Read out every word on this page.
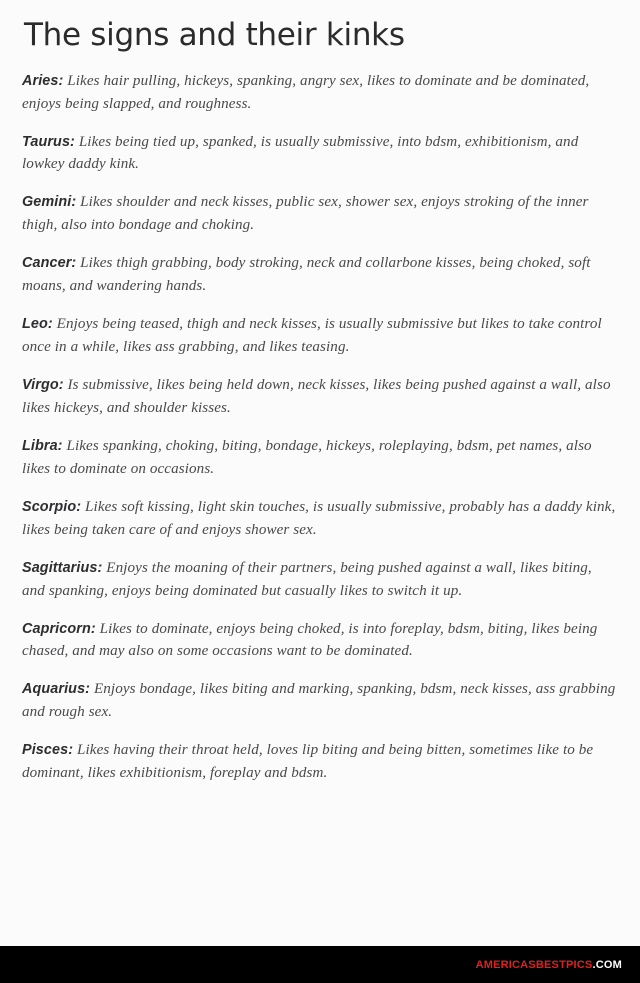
The signs and their kinks
Aries: Likes hair pulling, hickeys, spanking, angry sex, likes to dominate and be dominated, enjoys being slapped, and roughness.
Taurus: Likes being tied up, spanked, is usually submissive, into bdsm, exhibitionism, and lowkey daddy kink.
Gemini: Likes shoulder and neck kisses, public sex, shower sex, enjoys stroking of the inner thigh, also into bondage and choking.
Cancer: Likes thigh grabbing, body stroking, neck and collarbone kisses, being choked, soft moans, and wandering hands.
Leo: Enjoys being teased, thigh and neck kisses, is usually submissive but likes to take control once in a while, likes ass grabbing, and likes teasing.
Virgo: Is submissive, likes being held down, neck kisses, likes being pushed against a wall, also likes hickeys, and shoulder kisses.
Libra: Likes spanking, choking, biting, bondage, hickeys, roleplaying, bdsm, pet names, also likes to dominate on occasions.
Scorpio: Likes soft kissing, light skin touches, is usually submissive, probably has a daddy kink, likes being taken care of and enjoys shower sex.
Sagittarius: Enjoys the moaning of their partners, being pushed against a wall, likes biting, and spanking, enjoys being dominated but casually likes to switch it up.
Capricorn: Likes to dominate, enjoys being choked, is into foreplay, bdsm, biting, likes being chased, and may also on some occasions want to be dominated.
Aquarius: Enjoys bondage, likes biting and marking, spanking, bdsm, neck kisses, ass grabbing and rough sex.
Pisces: Likes having their throat held, loves lip biting and being bitten, sometimes like to be dominant, likes exhibitionism, foreplay and bdsm.
AMERICASBESTPICS.COM
